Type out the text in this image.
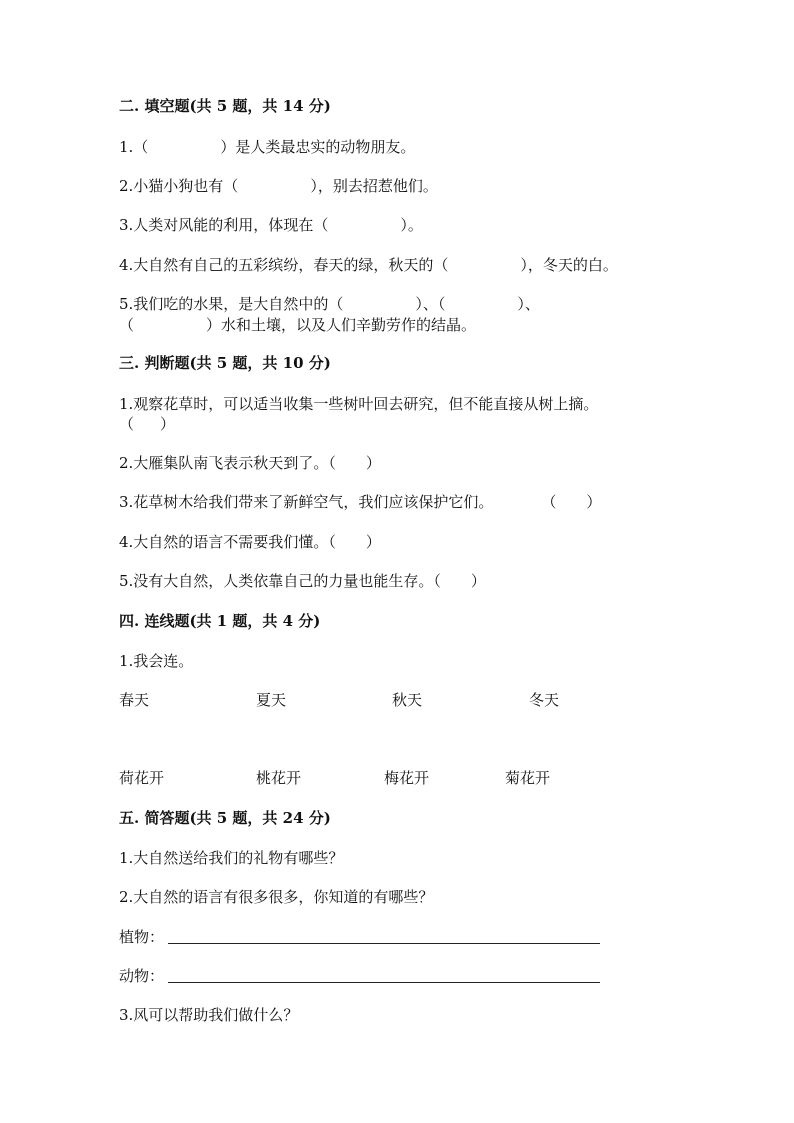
二. 填空题(共 5 题，共 14 分)
1.（	）是人类最忠实的动物朋友。
2.小猫小狗也有（	），别去招惹他们。
3.人类对风能的利用，体现在（	）。
4.大自然有自己的五彩缤纷，春天的绿，秋天的（	），冬天的白。
5.我们吃的水果，是大自然中的（	）、（	）、
（	）水和土壤，以及人们辛勤劳作的结晶。
三. 判断题(共 5 题，共 10 分)
1.观察花草时，可以适当收集一些树叶回去研究，但不能直接从树上摘。
（ ）
2.大雁集队南飞表示秋天到了。（ ）
3.花草树木给我们带来了新鲜空气，我们应该保护它们。	（ ）
4.大自然的语言不需要我们懂。（ ）
5.没有大自然，人类依靠自己的力量也能生存。（ ）
四. 连线题(共 1 题，共 4 分)
1.我会连。
春天	夏天	秋天	冬天
荷花开	桃花开	梅花开	菊花开
五. 简答题(共 5 题，共 24 分)
1.大自然送给我们的礼物有哪些？
2.大自然的语言有很多很多，你知道的有哪些？
植物：
动物：
3.风可以帮助我们做什么？
